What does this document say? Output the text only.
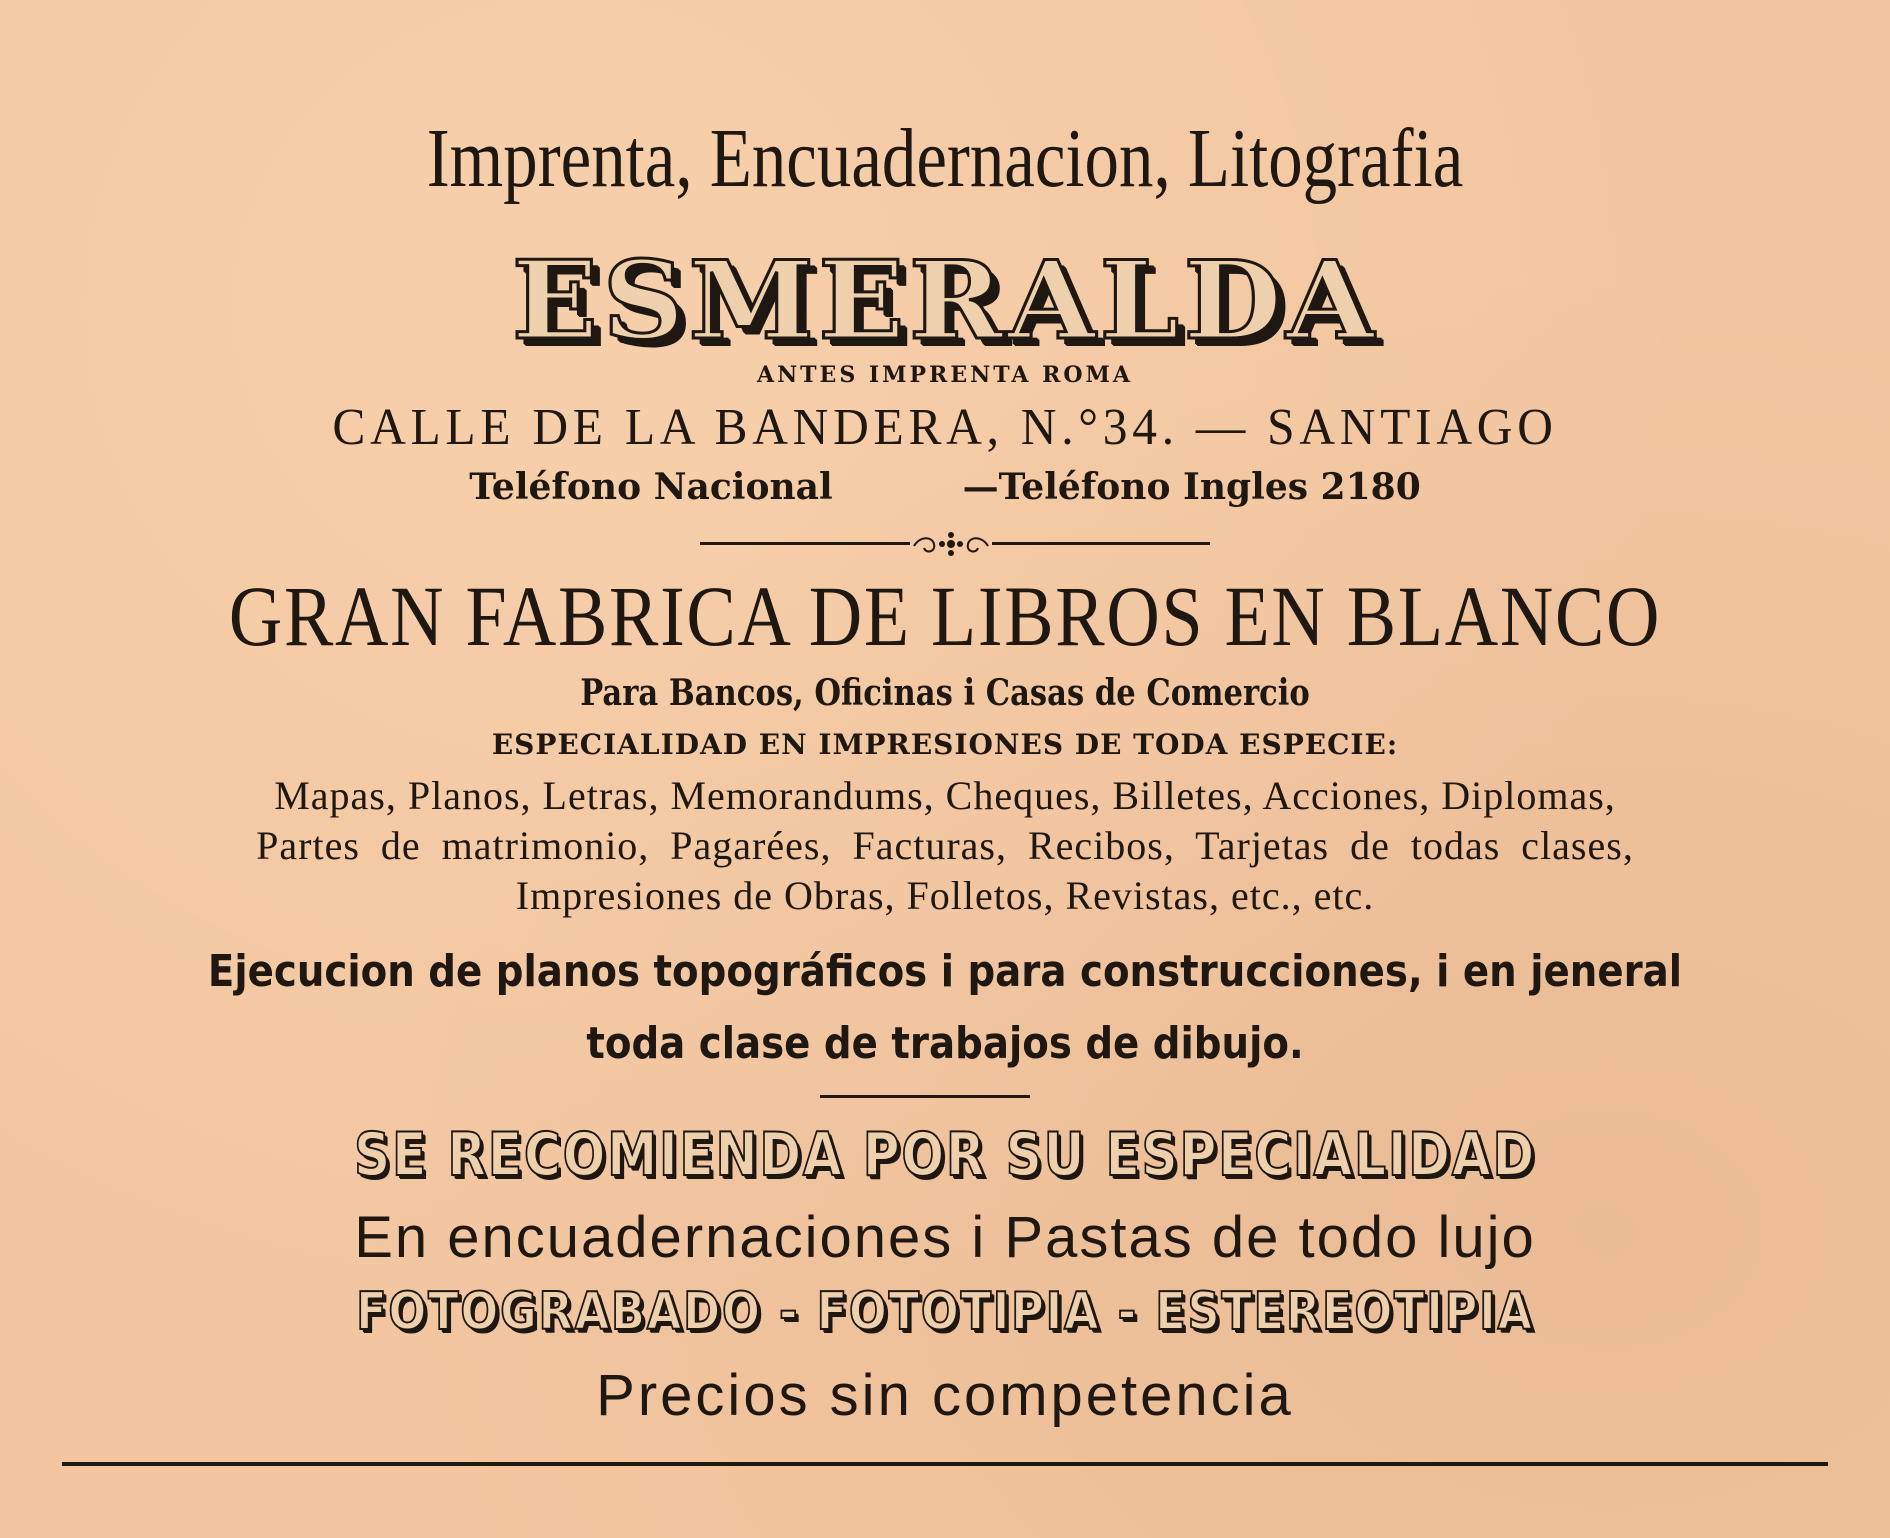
Imprenta, Encuadernacion, Litografia
ESMERALDA
ANTES IMPRENTA ROMA
CALLE DE LA BANDERA, N.°34. — SANTIAGO
Teléfono Nacional	—Teléfono Ingles 2180
GRAN FABRICA DE LIBROS EN BLANCO
Para Bancos, Oficinas i Casas de Comercio
ESPECIALIDAD EN IMPRESIONES DE TODA ESPECIE:
Mapas, Planos, Letras, Memorandums, Cheques, Billetes, Acciones, Diplomas,
Partes de matrimonio, Pagarées, Facturas, Recibos, Tarjetas de todas clases,
Impresiones de Obras, Folletos, Revistas, etc., etc.
Ejecucion de planos topográficos i para construcciones, i en jeneral
toda clase de trabajos de dibujo.
SE RECOMIENDA POR SU ESPECIALIDAD
En encuadernaciones i Pastas de todo lujo
FOTOGRABADO - FOTOTIPIA - ESTEREOTIPIA
Precios sin competencia
